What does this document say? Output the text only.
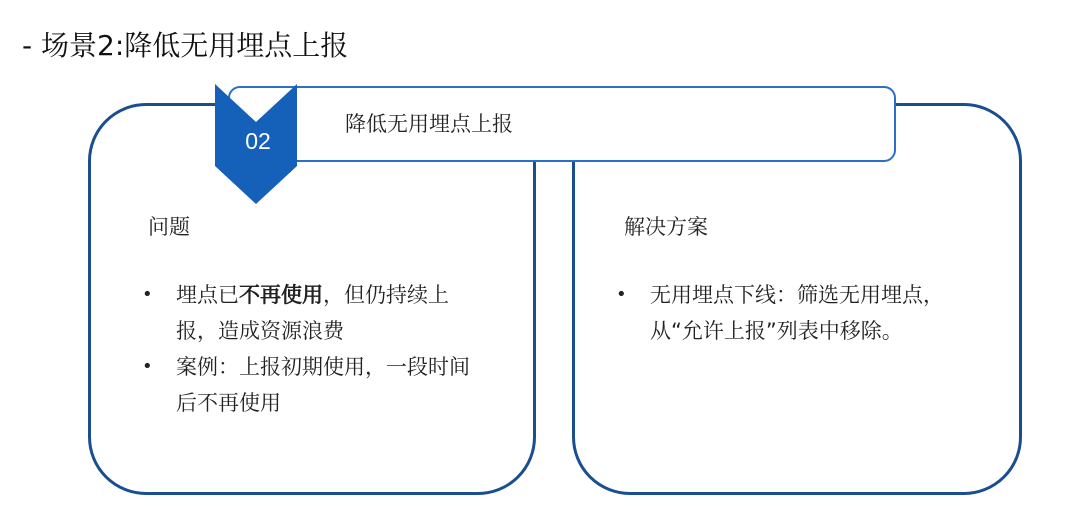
- 场景2:降低无用埋点上报
降低无用埋点上报
02
问题
• 埋点已不再使用，但仍持续上报，造成资源浪费
• 案例：上报初期使用，一段时间后不再使用
解决方案
• 无用埋点下线：筛选无用埋点，从“允许上报”列表中移除。
